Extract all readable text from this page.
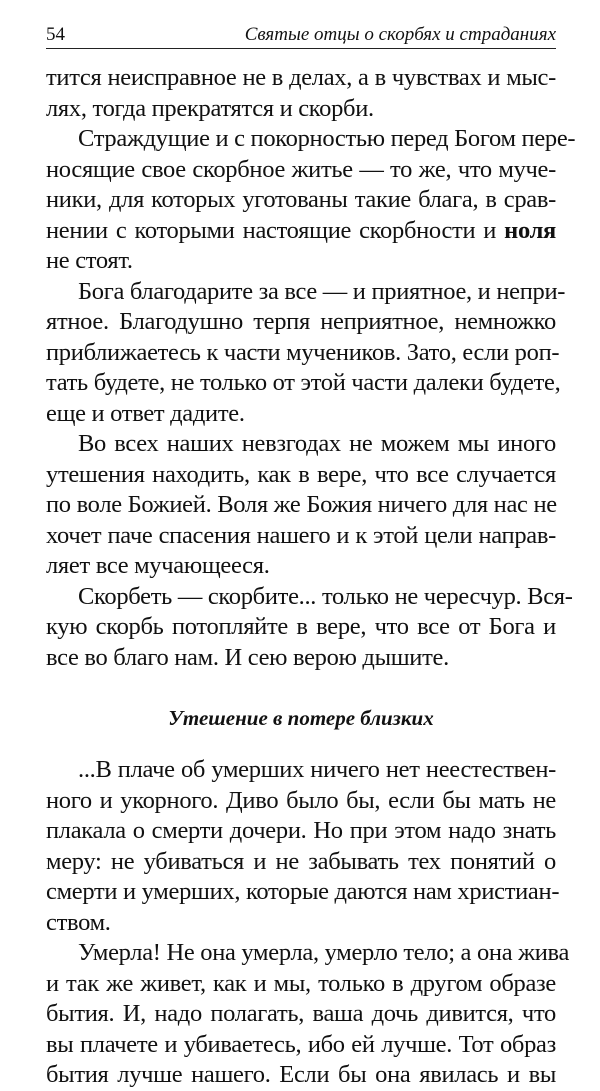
54	Святые отцы о скорбях и страданиях
тится неисправное не в делах, а в чувствах и мыс-
лях, тогда прекратятся и скорби.
Страждущие и с покорностью перед Богом пере-
носящие свое скорбное житье — то же, что муче-
ники, для которых уготованы такие блага, в срав-
нении с которыми настоящие скорбности и ноля
не стоят.
Бога благодарите за все — и приятное, и непри-
ятное. Благодушно терпя неприятное, немножко
приближаетесь к части мучеников. Зато, если роп-
тать будете, не только от этой части далеки будете,
еще и ответ дадите.
Во всех наших невзгодах не можем мы иного
утешения находить, как в вере, что все случается
по воле Божией. Воля же Божия ничего для нас не
хочет паче спасения нашего и к этой цели направ-
ляет все мучающееся.
Скорбеть — скорбите... только не чересчур. Вся-
кую скорбь потопляйте в вере, что все от Бога и
все во благо нам. И сею верою дышите.
Утешение в потере близких
...В плаче об умерших ничего нет неестествен-
ного и укорного. Диво было бы, если бы мать не
плакала о смерти дочери. Но при этом надо знать
меру: не убиваться и не забывать тех понятий о
смерти и умерших, которые даются нам христиан-
ством.
Умерла! Не она умерла, умерло тело; а она жива
и так же живет, как и мы, только в другом образе
бытия. И, надо полагать, ваша дочь дивится, что
вы плачете и убиваетесь, ибо ей лучше. Тот образ
бытия лучше нашего. Если бы она явилась и вы
